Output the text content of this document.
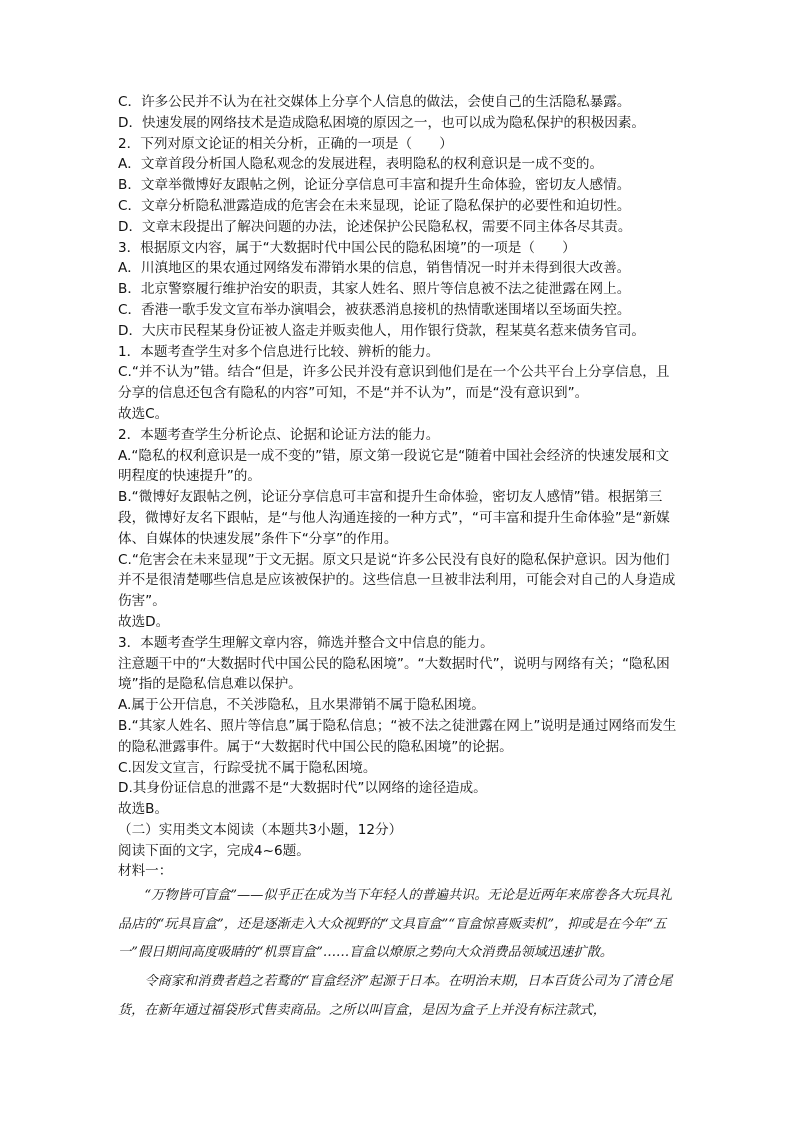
C．许多公民并不认为在社交媒体上分享个人信息的做法，会使自己的生活隐私暴露。
D．快速发展的网络技术是造成隐私困境的原因之一，也可以成为隐私保护的积极因素。
2．下列对原文论证的相关分析，正确的一项是（　　）
A．文章首段分析国人隐私观念的发展进程，表明隐私的权利意识是一成不变的。
B．文章举微博好友跟帖之例，论证分享信息可丰富和提升生命体验，密切友人感情。
C．文章分析隐私泄露造成的危害会在未来显现，论证了隐私保护的必要性和迫切性。
D．文章末段提出了解决问题的办法，论述保护公民隐私权，需要不同主体各尽其责。
3．根据原文内容，属于“大数据时代中国公民的隐私困境”的一项是（　　）
A．川滇地区的果农通过网络发布滞销水果的信息，销售情况一时并未得到很大改善。
B．北京警察履行维护治安的职责，其家人姓名、照片等信息被不法之徒泄露在网上。
C．香港一歌手发文宣布举办演唱会，被获悉消息接机的热情歌迷围堵以至场面失控。
D．大庆市民程某身份证被人盗走并贩卖他人，用作银行贷款，程某莫名惹来债务官司。
1．本题考查学生对多个信息进行比较、辨析的能力。
C.“并不认为”错。结合“但是，许多公民并没有意识到他们是在一个公共平台上分享信息，且分享的信息还包含有隐私的内容”可知，不是“并不认为”，而是“没有意识到”。
故选C。
2．本题考查学生分析论点、论据和论证方法的能力。
A.“隐私的权利意识是一成不变的”错，原文第一段说它是“随着中国社会经济的快速发展和文明程度的快速提升”的。
B.“微博好友跟帖之例，论证分享信息可丰富和提升生命体验，密切友人感情”错。根据第三段，微博好友名下跟帖，是“与他人沟通连接的一种方式”，“可丰富和提升生命体验”是“新媒体、自媒体的快速发展”条件下“分享”的作用。
C.“危害会在未来显现”于文无据。原文只是说“许多公民没有良好的隐私保护意识。因为他们并不是很清楚哪些信息是应该被保护的。这些信息一旦被非法利用，可能会对自己的人身造成伤害”。
故选D。
3．本题考查学生理解文章内容，筛选并整合文中信息的能力。
注意题干中的“大数据时代中国公民的隐私困境”。“大数据时代”，说明与网络有关；“隐私困境”指的是隐私信息难以保护。
A.属于公开信息，不关涉隐私，且水果滞销不属于隐私困境。
B.“其家人姓名、照片等信息”属于隐私信息；“被不法之徒泄露在网上”说明是通过网络而发生的隐私泄露事件。属于“大数据时代中国公民的隐私困境”的论据。
C.因发文宣言，行踪受扰不属于隐私困境。
D.其身份证信息的泄露不是“大数据时代”以网络的途径造成。
故选B。
（二）实用类文本阅读（本题共3小题，12分）
阅读下面的文字，完成4~6题。
材料一：
“万物皆可盲盒”——似乎正在成为当下年轻人的普遍共识。无论是近两年来席卷各大玩具礼品店的“玩具盲盒”，还是逐渐走入大众视野的“文具盲盒”“盲盒惊喜贩卖机”，抑或是在今年“五一”假日期间高度吸睛的“机票盲盒”……盲盒以燎原之势向大众消费品领域迅速扩散。
令商家和消费者趋之若鹜的“盲盒经济”起源于日本。在明治末期，日本百货公司为了清仓尾货，在新年通过福袋形式售卖商品。之所以叫盲盒，是因为盒子上并没有标注款式，
